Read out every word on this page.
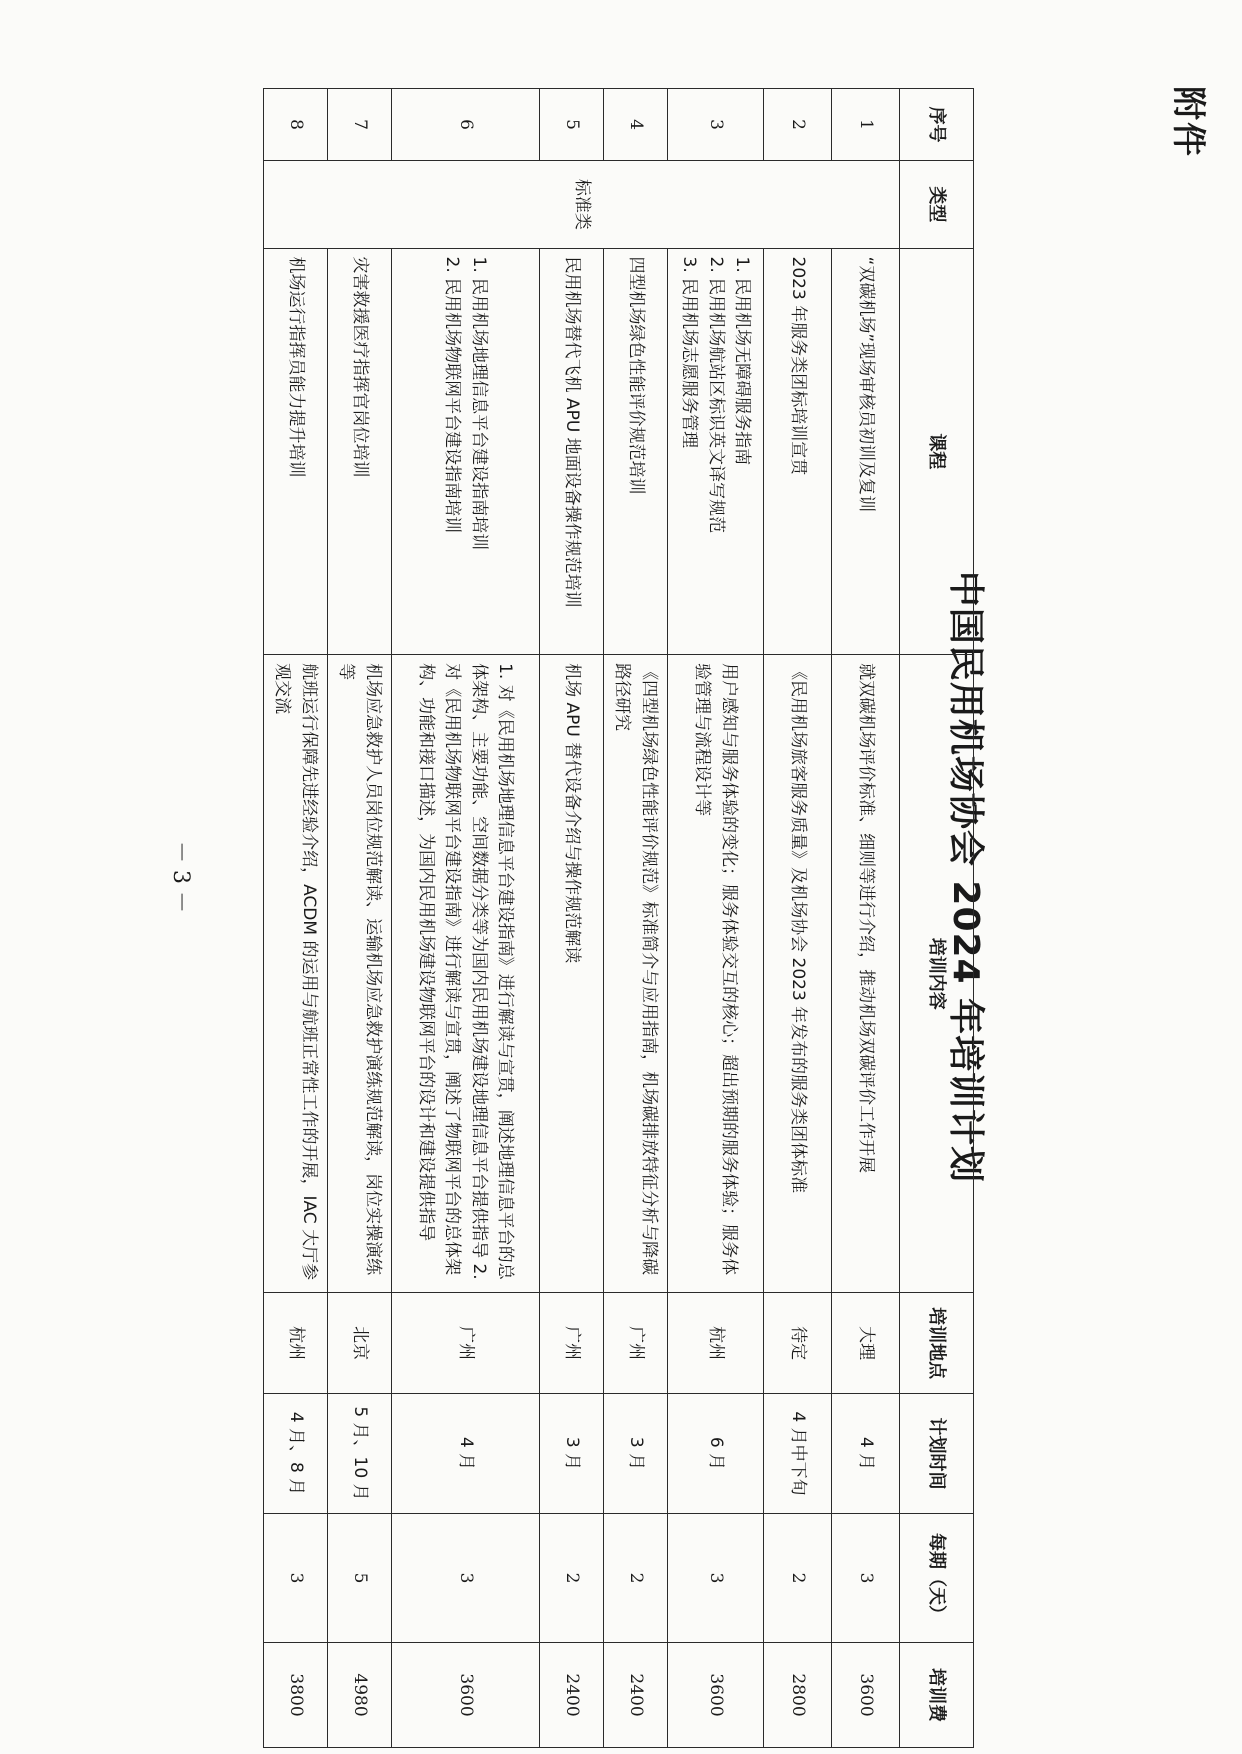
附件
中国民用机场协会 2024 年培训计划
序号	类型	课程	培训内容	培训地点	计划时间	每期（天）	培训费
1	标准类	“双碳机场”现场审核员初训及复训	就双碳机场评价标准、细则等进行介绍，推动机场双碳评价工作开展	大理	4 月	3	3600
2		2023 年服务类团标培训宣贯	《民用机场旅客服务质量》及机场协会 2023 年发布的服务类团体标准	待定	4 月中下旬	2	2800
3		1. 民用机场无障碍服务指南
2. 民用机场航站区标识英文译写规范
3. 民用机场志愿服务管理	用户感知与服务体验的变化；服务体验交互的核心；超出预期的服务体验；服务体验管理与流程设计等	杭州	6 月	3	3600
4		四型机场绿色性能评价规范培训	《四型机场绿色性能评价规范》标准简介与应用指南，机场碳排放特征分析与降碳路径研究	广州	3 月	2	2400
5		民用机场替代飞机 APU 地面设备操作规范培训	机场 APU 替代设备介绍与操作规范解读	广州	3 月	2	2400
6		1. 民用机场地理信息平台建设指南培训
2. 民用机场物联网平台建设指南培训	1. 对《民用机场地理信息平台建设指南》进行解读与宣贯，阐述地理信息平台的总体架构、主要功能、空间数据分类等为国内民用机场建设地理信息平台提供指导 2. 对《民用机场物联网平台建设指南》进行解读与宣贯，阐述了物联网平台的总体架构、功能和接口描述，为国内民用机场建设物联网平台的设计和建设提供指导	广州	4 月	3	3600
7		灾害救援医疗指挥官岗位培训	机场应急救护人员岗位规范解读、运输机场应急救护演练规范解读，岗位实操演练等	北京	5 月、10 月	5	4980
8		机场运行指挥员能力提升培训	航班运行保障先进经验介绍，ACDM 的运用与航班正常性工作的开展，IAC 大厅参观交流	杭州	4 月、8 月	3	3800
－ 3 －
